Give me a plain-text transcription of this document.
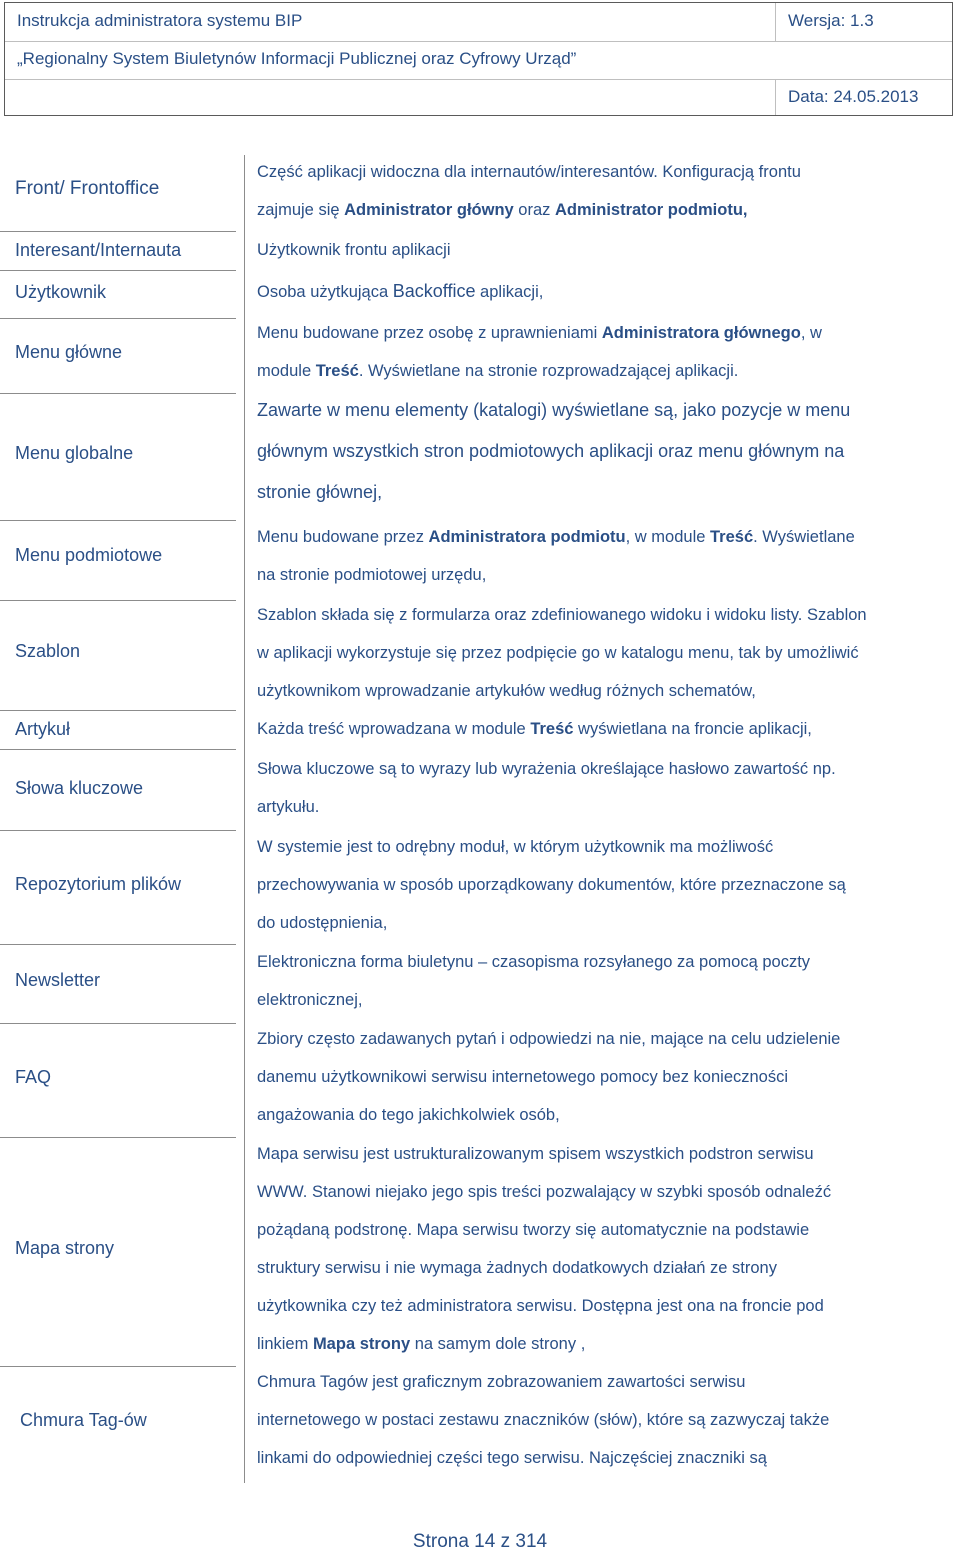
Instrukcja administratora systemu BIP	Wersja: 1.3
„Regionalny System Biuletynów Informacji Publicznej oraz Cyfrowy Urząd”
Data: 24.05.2013
Front/ Frontoffice
Interesant/Internauta
Użytkownik
Menu główne
Menu globalne
Menu podmiotowe
Szablon
Artykuł
Słowa kluczowe
Repozytorium plików
Newsletter
FAQ
Mapa strony
Chmura Tag-ów
Część aplikacji widoczna dla internautów/interesantów. Konfiguracją frontu
zajmuje się Administrator główny oraz Administrator podmiotu,
Użytkownik frontu aplikacji
Osoba użytkująca Backoffice aplikacji,
Menu budowane przez osobę z uprawnieniami Administratora głównego, w
module Treść. Wyświetlane na stronie rozprowadzającej aplikacji.
Zawarte w menu elementy (katalogi) wyświetlane są, jako pozycje w menu
głównym wszystkich stron podmiotowych aplikacji oraz menu głównym na
stronie głównej,
Menu budowane przez Administratora podmiotu, w module Treść. Wyświetlane
na stronie podmiotowej urzędu,
Szablon składa się z formularza oraz zdefiniowanego widoku i widoku listy. Szablon
w aplikacji wykorzystuje się przez podpięcie go w katalogu menu, tak by umożliwić
użytkownikom wprowadzanie artykułów według różnych schematów,
Każda treść wprowadzana w module Treść wyświetlana na froncie aplikacji,
Słowa kluczowe są to wyrazy lub wyrażenia określające hasłowo zawartość np.
artykułu.
W systemie jest to odrębny moduł, w którym użytkownik ma możliwość
przechowywania w sposób uporządkowany dokumentów, które przeznaczone są
do udostępnienia,
Elektroniczna forma biuletynu – czasopisma rozsyłanego za pomocą poczty
elektronicznej,
Zbiory często zadawanych pytań i odpowiedzi na nie, mające na celu udzielenie
danemu użytkownikowi serwisu internetowego pomocy bez konieczności
angażowania do tego jakichkolwiek osób,
Mapa serwisu jest ustrukturalizowanym spisem wszystkich podstron serwisu
WWW. Stanowi niejako jego spis treści pozwalający w szybki sposób odnaleźć
pożądaną podstronę. Mapa serwisu tworzy się automatycznie na podstawie
struktury serwisu i nie wymaga żadnych dodatkowych działań ze strony
użytkownika czy też administratora serwisu. Dostępna jest ona na froncie pod
linkiem Mapa strony na samym dole strony ,
Chmura Tagów jest graficznym zobrazowaniem zawartości serwisu
internetowego w postaci zestawu znaczników (słów), które są zazwyczaj także
linkami do odpowiedniej części tego serwisu. Najczęściej znaczniki są
Strona 14 z 314
